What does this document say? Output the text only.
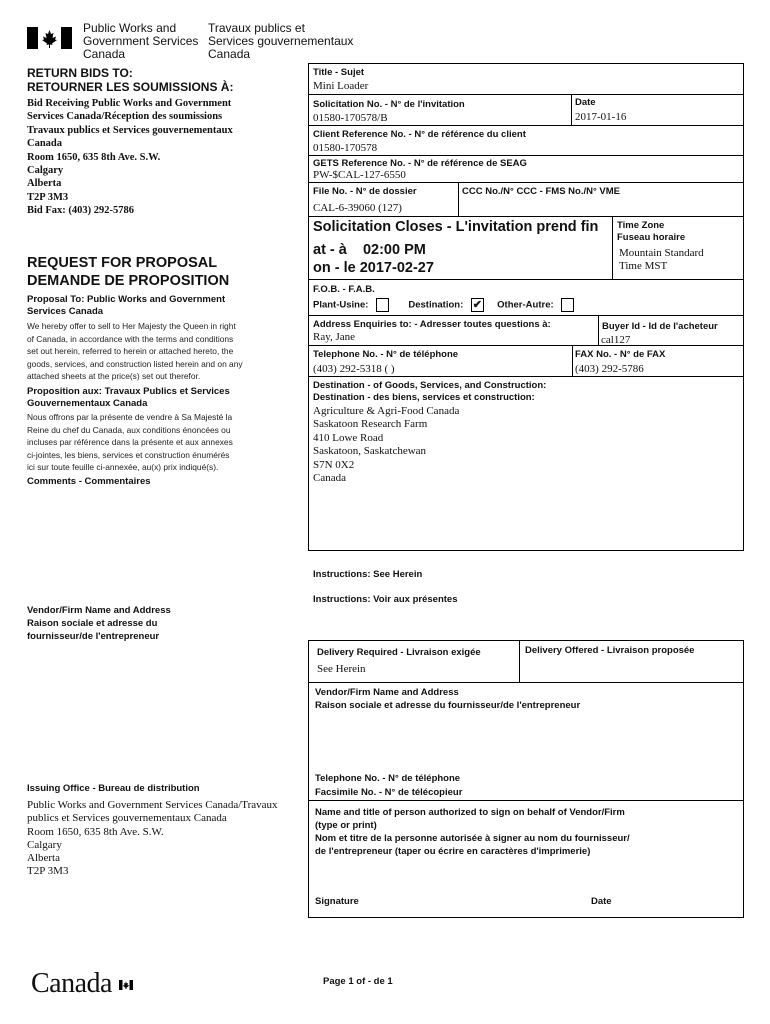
Public Works and
Government Services
Canada
Travaux publics et
Services gouvernementaux
Canada
RETURN BIDS TO:
RETOURNER LES SOUMISSIONS À:
Bid Receiving Public Works and Government
Services Canada/Réception des soumissions
Travaux publics et Services gouvernementaux
Canada
Room 1650, 635 8th Ave. S.W.
Calgary
Alberta
T2P 3M3
Bid Fax: (403) 292-5786
REQUEST FOR PROPOSAL
DEMANDE DE PROPOSITION
Proposal To: Public Works and Government
Services Canada
We hereby offer to sell to Her Majesty the Queen in right
of Canada, in accordance with the terms and conditions
set out herein, referred to herein or attached hereto, the
goods, services, and construction listed herein and on any
attached sheets at the price(s) set out therefor.
Proposition aux: Travaux Publics et Services
Gouvernementaux Canada
Nous offrons par la présente de vendre à Sa Majesté la
Reine du chef du Canada, aux conditions énoncées ou
incluses par référence dans la présente et aux annexes
ci-jointes, les biens, services et construction énumérés
ici sur toute feuille ci-annexée, au(x) prix indiqué(s).
Comments - Commentaires
Vendor/Firm Name and Address
Raison sociale et adresse du
fournisseur/de l'entrepreneur
Issuing Office - Bureau de distribution
Public Works and Government Services Canada/Travaux
publics et Services gouvernementaux Canada
Room 1650, 635 8th Ave. S.W.
Calgary
Alberta
T2P 3M3
Title - Sujet
Mini Loader
Solicitation No. - N° de l'invitation
01580-170578/B
Date
2017-01-16
Client Reference No. - N° de référence du client
01580-170578
GETS Reference No. - N° de référence de SEAG
PW-$CAL-127-6550
File No. - N° de dossier
CAL-6-39060 (127)
CCC No./N° CCC - FMS No./N° VME
Solicitation Closes - L'invitation prend fin
at - à 02:00 PM
on - le 2017-02-27
Time Zone
Fuseau horaire
Mountain Standard
Time MST
F.O.B. - F.A.B.
Plant-Usine:	Destination: ✔ Other-Autre:
Address Enquiries to: - Adresser toutes questions à:
Ray, Jane
Buyer Id - Id de l'acheteur
cal127
Telephone No. - N° de téléphone
(403) 292-5318 ( )
FAX No. - N° de FAX
(403) 292-5786
Destination - of Goods, Services, and Construction:
Destination - des biens, services et construction:
Agriculture & Agri-Food Canada
Saskatoon Research Farm
410 Lowe Road
Saskatoon, Saskatchewan
S7N 0X2
Canada
Instructions: See Herein
Instructions: Voir aux présentes
Delivery Required - Livraison exigée
See Herein
Delivery Offered - Livraison proposée
Vendor/Firm Name and Address
Raison sociale et adresse du fournisseur/de l'entrepreneur
Telephone No. - N° de téléphone
Facsimile No. - N° de télécopieur
Name and title of person authorized to sign on behalf of Vendor/Firm
(type or print)
Nom et titre de la personne autorisée à signer au nom du fournisseur/
de l'entrepreneur (taper ou écrire en caractères d'imprimerie)
Signature	Date
Canada	Page 1 of - de 1
